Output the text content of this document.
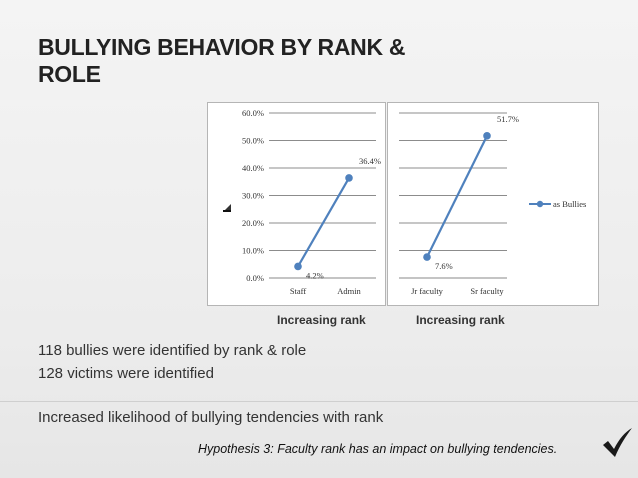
BULLYING BEHAVIOR BY RANK & ROLE
0.0%
10.0%
20.0%
30.0%
40.0%
50.0%
60.0%
4.2%
36.4%
Staff	Admin
7.6%
51.7%
Jr faculty	Sr faculty
as Bullies
Increasing rank	Increasing rank
118 bullies were identified by rank & role
128 victims were identified
Increased likelihood of bullying tendencies with rank
Hypothesis 3: Faculty rank has an impact on bullying tendencies.
